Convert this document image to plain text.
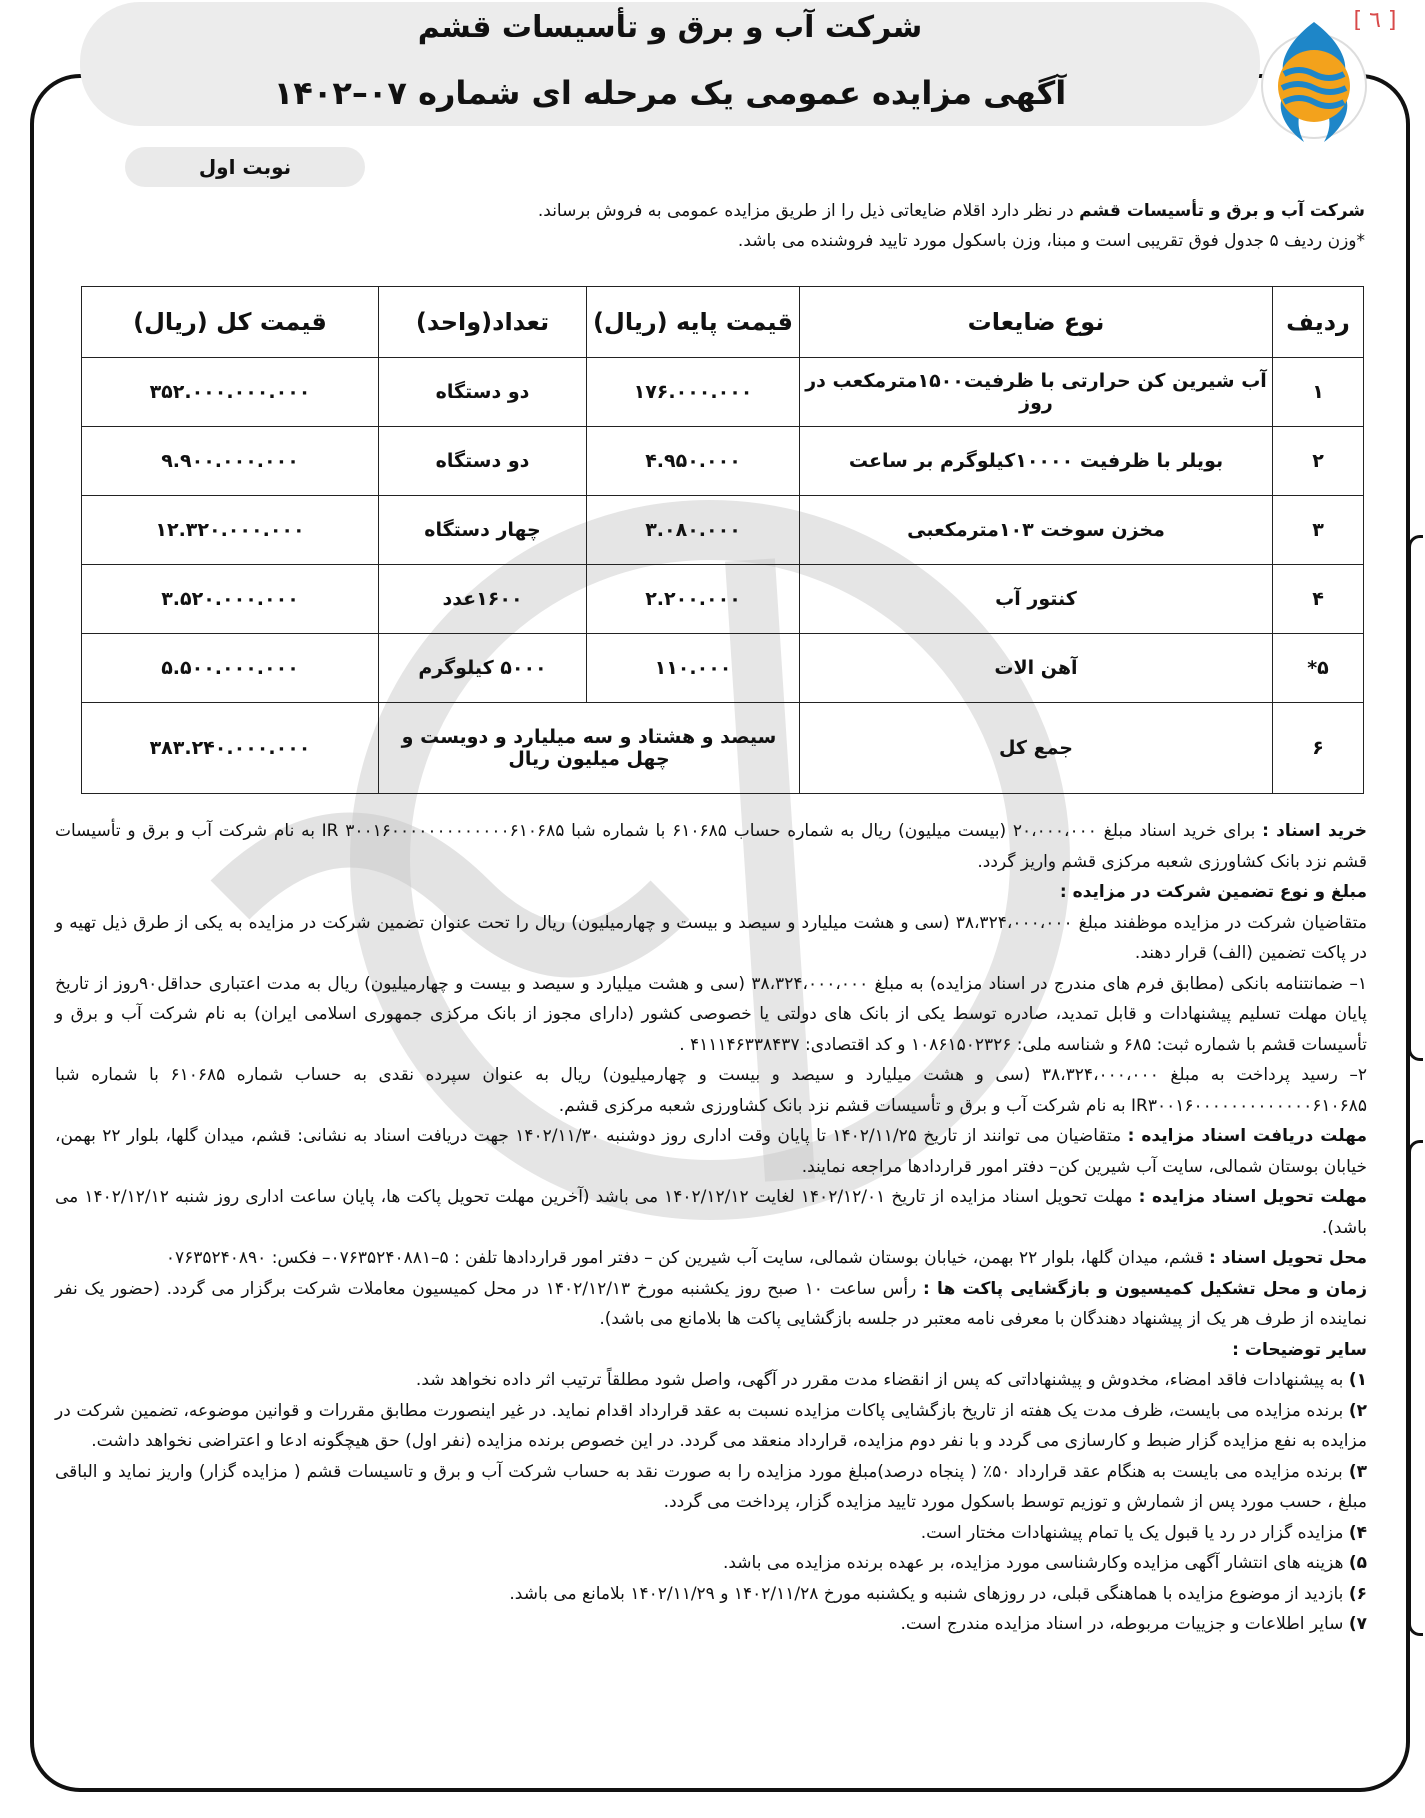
[ ٦ ]
شرکت آب و برق و تأسیسات قشم
آگهی مزایده عمومی یک مرحله ای شماره ۰۷–۱۴۰۲
نوبت اول
شرکت آب و برق و تأسیسات قشم در نظر دارد اقلام ضایعاتی ذیل را از طریق مزایده عمومی به فروش برساند.
*وزن ردیف ۵ جدول فوق تقریبی است و مبنا، وزن باسکول مورد تایید فروشنده می باشد.
ردیف	نوع ضایعات	قیمت پایه (ریال)	تعداد(واحد)	قیمت کل (ریال)
۱	آب شیرین کن حرارتی با ظرفیت۱۵۰۰مترمکعب در روز	۱۷۶.۰۰۰.۰۰۰	دو دستگاه	۳۵۲.۰۰۰.۰۰۰.۰۰۰
۲	بویلر با ظرفیت ۱۰۰۰۰کیلوگرم بر ساعت	۴.۹۵۰.۰۰۰	دو دستگاه	۹.۹۰۰.۰۰۰.۰۰۰
۳	مخزن سوخت ۱۰۳مترمکعبی	۳.۰۸۰.۰۰۰	چهار دستگاه	۱۲.۳۲۰.۰۰۰.۰۰۰
۴	کنتور آب	۲.۲۰۰.۰۰۰	۱۶۰۰عدد	۳.۵۲۰.۰۰۰.۰۰۰
۵*	آهن الات	۱۱۰.۰۰۰	۵۰۰۰ کیلوگرم	۵.۵۰۰.۰۰۰.۰۰۰
۶	جمع کل	سیصد و هشتاد و سه میلیارد و دویست و چهل میلیون ریال		۳۸۳.۲۴۰.۰۰۰.۰۰۰

خرید اسناد : برای خرید اسناد مبلغ ۲۰،۰۰۰،۰۰۰ (بیست میلیون) ریال به شماره حساب ۶۱۰۶۸۵ با شماره شبا IR ۳۰۰۱۶۰۰۰۰۰۰۰۰۰۰۰۰۰۶۱۰۶۸۵ به نام شرکت آب و برق و تأسیسات قشم نزد بانک کشاورزی شعبه مرکزی قشم واریز گردد.

مبلغ و نوع تضمین شرکت در مزایده :

متقاضیان شرکت در مزایده موظفند مبلغ ۳۸،۳۲۴،۰۰۰،۰۰۰ (سی و هشت میلیارد و سیصد و بیست و چهارمیلیون) ریال را تحت عنوان تضمین شرکت در مزایده به یکی از طرق ذیل تهیه و در پاکت تضمین (الف) قرار دهند.

۱– ضمانتنامه بانکی (مطابق فرم های مندرج در اسناد مزایده) به مبلغ ۳۸،۳۲۴،۰۰۰،۰۰۰ (سی و هشت میلیارد و سیصد و بیست و چهارمیلیون) ریال به مدت اعتباری حداقل۹۰روز از تاریخ پایان مهلت تسلیم پیشنهادات و قابل تمدید، صادره توسط یکی از بانک های دولتی یا خصوصی کشور (دارای مجوز از بانک مرکزی جمهوری اسلامی ایران) به نام شرکت آب و برق و تأسیسات قشم با شماره ثبت: ۶۸۵ و شناسه ملی: ۱۰۸۶۱۵۰۲۳۲۶ و کد اقتصادی: ۴۱۱۱۴۶۳۳۸۴۳۷ .

۲– رسید پرداخت به مبلغ ۳۸،۳۲۴،۰۰۰،۰۰۰ (سی و هشت میلیارد و سیصد و بیست و چهارمیلیون) ریال به عنوان سپرده نقدی به حساب شماره ۶۱۰۶۸۵ با شماره شبا IR۳۰۰۱۶۰۰۰۰۰۰۰۰۰۰۰۰۰۶۱۰۶۸۵ به نام شرکت آب و برق و تأسیسات قشم نزد بانک کشاورزی شعبه مرکزی قشم.

مهلت دریافت اسناد مزایده : متقاضیان می توانند از تاریخ ۱۴۰۲/۱۱/۲۵ تا پایان وقت اداری روز دوشنبه ۱۴۰۲/۱۱/۳۰ جهت دریافت اسناد به نشانی: قشم، میدان گلها، بلوار ۲۲ بهمن، خیابان بوستان شمالی، سایت آب شیرین کن– دفتر امور قراردادها مراجعه نمایند.

مهلت تحویل اسناد مزایده : مهلت تحویل اسناد مزایده از تاریخ ۱۴۰۲/۱۲/۰۱ لغایت ۱۴۰۲/۱۲/۱۲ می باشد (آخرین مهلت تحویل پاکت ها، پایان ساعت اداری روز شنبه ۱۴۰۲/۱۲/۱۲ می باشد).

محل تحویل اسناد : قشم، میدان گلها، بلوار ۲۲ بهمن، خیابان بوستان شمالی، سایت آب شیرین کن – دفتر امور قراردادها تلفن : ۵–۰۷۶۳۵۲۴۰۸۸۱– فکس: ۰۷۶۳۵۲۴۰۸۹۰

زمان و محل تشکیل کمیسیون و بازگشایی پاکت ها : رأس ساعت ۱۰ صبح روز یکشنبه مورخ ۱۴۰۲/۱۲/۱۳ در محل کمیسیون معاملات شرکت برگزار می گردد. (حضور یک نفر نماینده از طرف هر یک از پیشنهاد دهندگان با معرفی نامه معتبر در جلسه بازگشایی پاکت ها بلامانع می باشد).

سایر توضیحات :

۱) به پیشنهادات فاقد امضاء، مخدوش و پیشنهاداتی که پس از انقضاء مدت مقرر در آگهی، واصل شود مطلقاً ترتیب اثر داده نخواهد شد.

۲) برنده مزایده می بایست، ظرف مدت یک هفته از تاریخ بازگشایی پاکات مزایده نسبت به عقد قرارداد اقدام نماید. در غیر اینصورت مطابق مقررات و قوانین موضوعه، تضمین شرکت در مزایده به نفع مزایده گزار ضبط و کارسازی می گردد و با نفر دوم مزایده، قرارداد منعقد می گردد. در این خصوص برنده مزایده (نفر اول) حق هیچگونه ادعا و اعتراضی نخواهد داشت.

۳) برنده مزایده می بایست به هنگام عقد قرارداد ۵۰٪ ( پنجاه درصد)مبلغ مورد مزایده را به صورت نقد به حساب شرکت آب و برق و تاسیسات قشم ( مزایده گزار) واریز نماید و الباقی مبلغ ، حسب مورد پس از شمارش و توزیم توسط باسکول مورد تایید مزایده گزار، پرداخت می گردد.

۴) مزایده گزار در رد یا قبول یک یا تمام پیشنهادات مختار است.

۵) هزینه های انتشار آگهی مزایده وکارشناسی مورد مزایده، بر عهده برنده مزایده می باشد.

۶) بازدید از موضوع مزایده با هماهنگی قبلی، در روزهای شنبه و یکشنبه مورخ ۱۴۰۲/۱۱/۲۸ و ۱۴۰۲/۱۱/۲۹ بلامانع می باشد.

۷) سایر اطلاعات و جزییات مربوطه، در اسناد مزایده مندرج است.
